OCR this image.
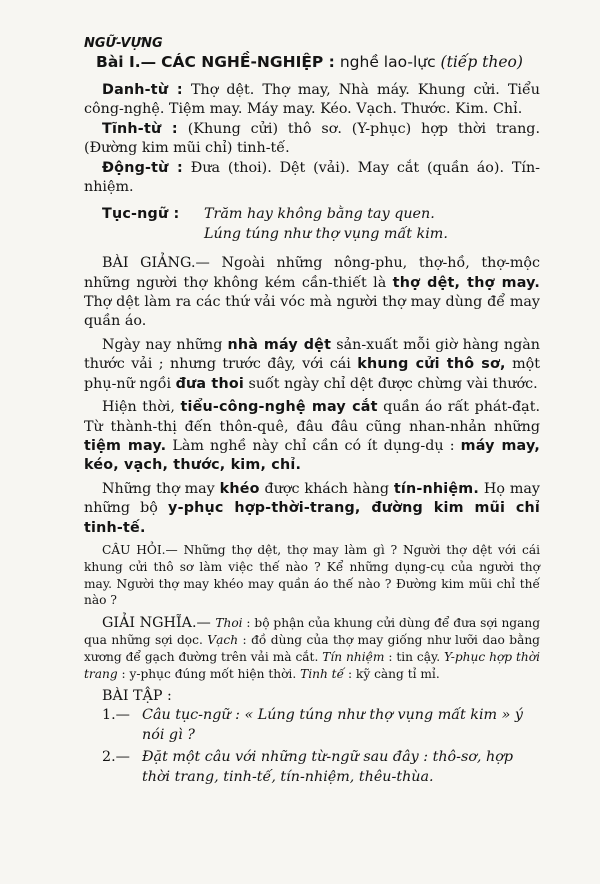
NGỮ-VỰNG
Bài I.— CÁC NGHỀ-NGHIỆP : nghề lao-lực (tiếp theo)

Danh-từ : Thợ dệt. Thợ may, Nhà máy. Khung cửi. Tiểu công-nghệ. Tiệm may. Máy may. Kéo. Vạch. Thước. Kim. Chỉ.

Tĩnh-từ : (Khung cửi) thô sơ. (Y-phục) hợp thời trang. (Đường kim mũi chỉ) tinh-tế.

Động-từ : Đưa (thoi). Dệt (vải). May cắt (quần áo). Tín-nhiệm.

Tục-ngữ :	Trăm hay không bằng tay quen.
Lúng túng như thợ vụng mất kim.

BÀI GIẢNG.— Ngoài những nông-phu, thợ-hồ, thợ-mộc những người thợ không kém cần-thiết là thợ dệt, thợ may. Thợ dệt làm ra các thứ vải vóc mà người thợ may dùng để may quần áo.

Ngày nay những nhà máy dệt sản-xuất mỗi giờ hàng ngàn thước vải ; nhưng trước đây, với cái khung cửi thô sơ, một phụ-nữ ngồi đưa thoi suốt ngày chỉ dệt được chừng vài thước.

Hiện thời, tiểu-công-nghệ may cắt quần áo rất phát-đạt. Từ thành-thị đến thôn-quê, đâu đâu cũng nhan-nhản những tiệm may. Làm nghề này chỉ cần có ít dụng-dụ : máy may, kéo, vạch, thước, kim, chỉ.

Những thợ may khéo được khách hàng tín-nhiệm. Họ may những bộ y-phục hợp-thời-trang, đường kim mũi chỉ tinh-tế.

CÂU HỎI.— Những thợ dệt, thợ may làm gì ? Người thợ dệt với cái khung cửi thô sơ làm việc thế nào ? Kể những dụng-cụ của người thợ may. Người thợ may khéo may quần áo thế nào ? Đường kim mũi chỉ thế nào ?

GIẢI NGHĨA.— Thoi : bộ phận của khung cửi dùng để đưa sợi ngang qua những sợi dọc. Vạch : đồ dùng của thợ may giống như lưỡi dao bằng xương để gạch đường trên vải mà cắt. Tín nhiệm : tin cậy. Y-phục hợp thời trang : y-phục đúng mốt hiện thời. Tinh tế : kỹ càng tỉ mỉ.

BÀI TẬP :
1.— Câu tục-ngữ : « Lúng túng như thợ vụng mất kim » ý nói gì ?
2.— Đặt một câu với những từ-ngữ sau đây : thô-sơ, hợp thời trang, tinh-tế, tín-nhiệm, thêu-thùa.
